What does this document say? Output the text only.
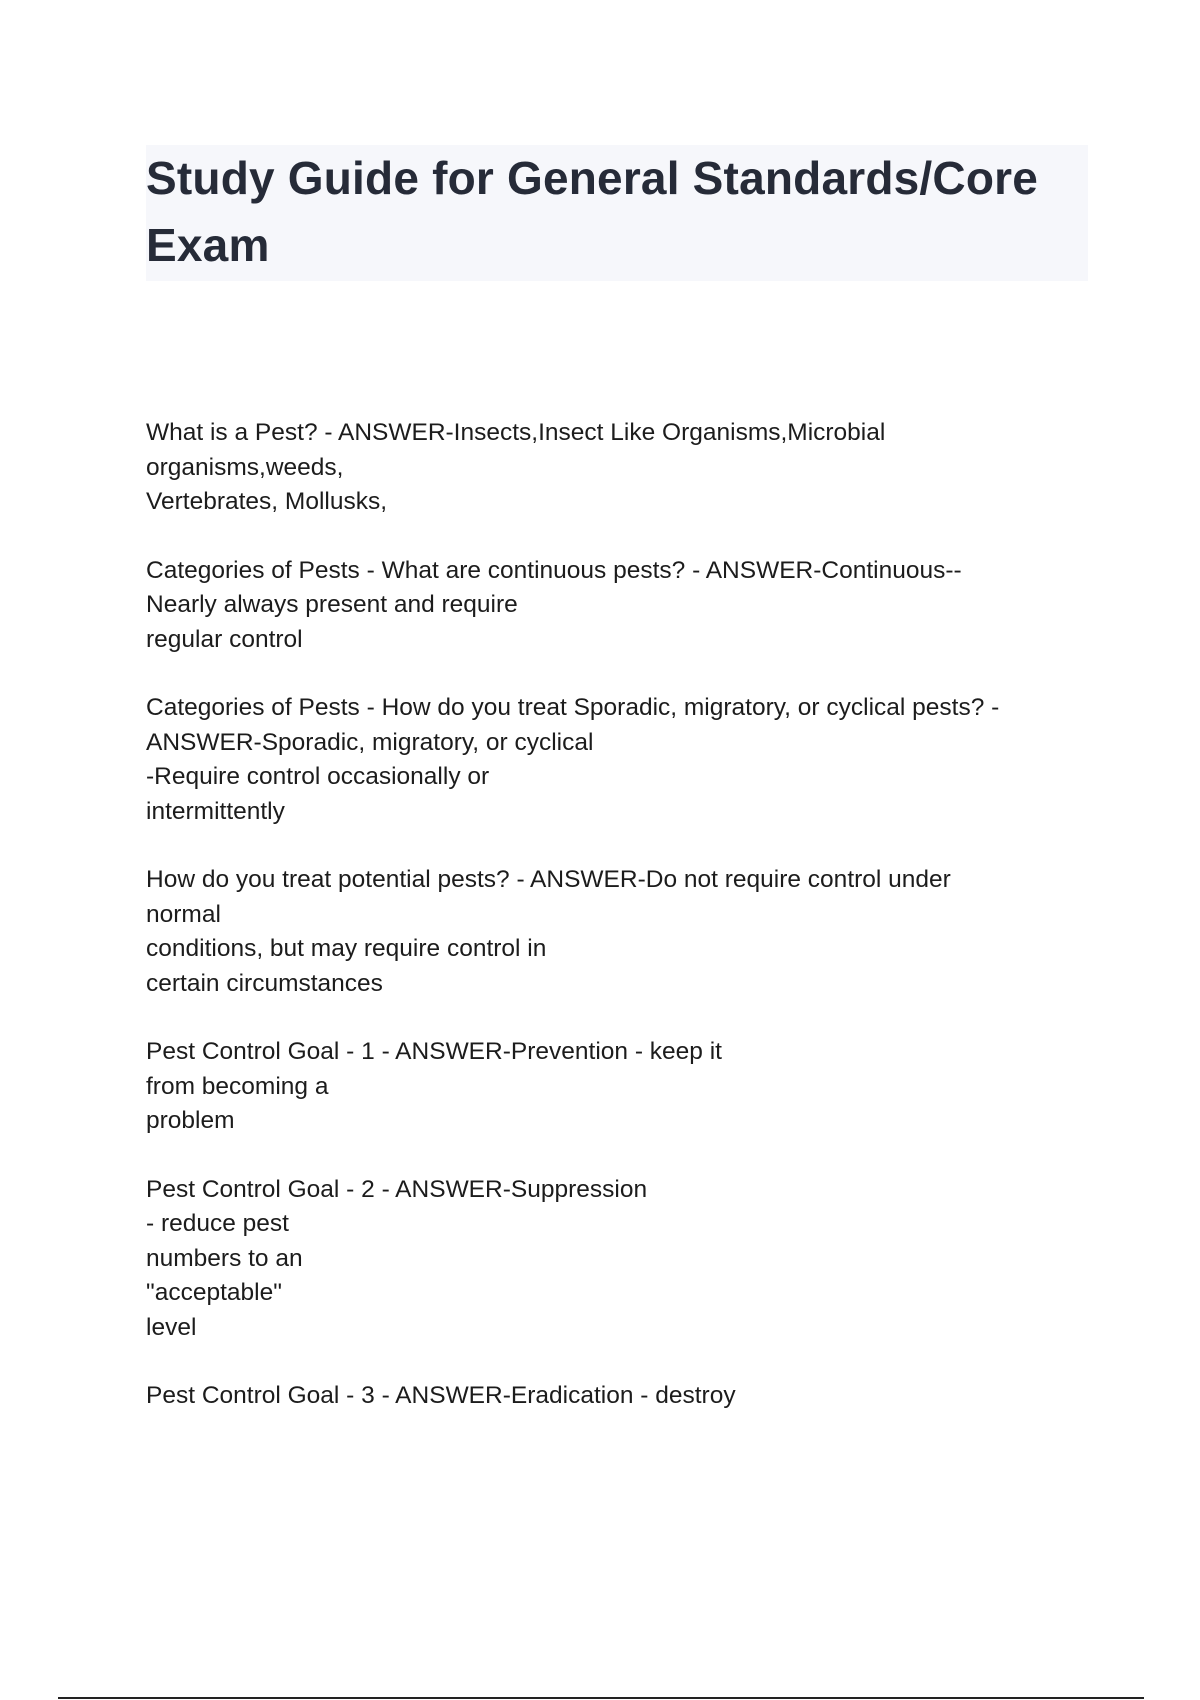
Study Guide for General Standards/Core
Exam

What is a Pest? - ANSWER-Insects,Insect Like Organisms,Microbial
organisms,weeds,
Vertebrates, Mollusks,

Categories of Pests - What are continuous pests? - ANSWER-Continuous--
Nearly always present and require
regular control

Categories of Pests - How do you treat Sporadic, migratory, or cyclical pests? -
ANSWER-Sporadic, migratory, or cyclical
-Require control occasionally or
intermittently

How do you treat potential pests? - ANSWER-Do not require control under
normal
conditions, but may require control in
certain circumstances

Pest Control Goal - 1 - ANSWER-Prevention - keep it
from becoming a
problem

Pest Control Goal - 2 - ANSWER-Suppression
- reduce pest
numbers to an
"acceptable"
level

Pest Control Goal - 3 - ANSWER-Eradication - destroy
